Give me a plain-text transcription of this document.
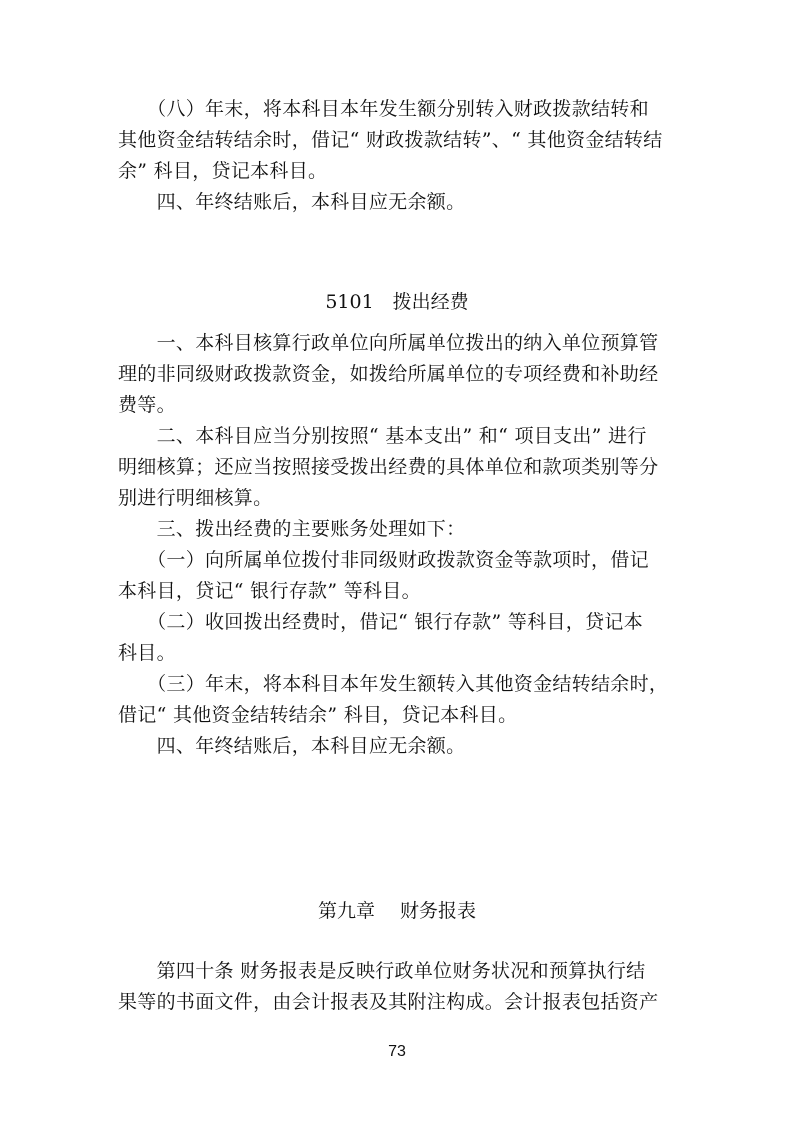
　　（八）年末，将本科目本年发生额分别转入财政拨款结转和
其他资金结转结余时，借记“ 财政拨款结转”、“ 其他资金结转结
余” 科目，贷记本科目。
　　四、年终结账后，本科目应无余额。
5101　拨出经费
　　一、本科目核算行政单位向所属单位拨出的纳入单位预算管
理的非同级财政拨款资金，如拨给所属单位的专项经费和补助经
费等。
　　二、本科目应当分别按照“ 基本支出” 和“ 项目支出” 进行
明细核算；还应当按照接受拨出经费的具体单位和款项类别等分
别进行明细核算。
　　三、拨出经费的主要账务处理如下：
　　（一）向所属单位拨付非同级财政拨款资金等款项时，借记
本科目，贷记“ 银行存款” 等科目。
　　（二）收回拨出经费时，借记“ 银行存款” 等科目，贷记本
科目。
　　（三）年末，将本科目本年发生额转入其他资金结转结余时，
借记“ 其他资金结转结余” 科目，贷记本科目。
　　四、年终结账后，本科目应无余额。
第九章　 财务报表
　　第四十条 财务报表是反映行政单位财务状况和预算执行结
果等的书面文件，由会计报表及其附注构成。会计报表包括资产
73
